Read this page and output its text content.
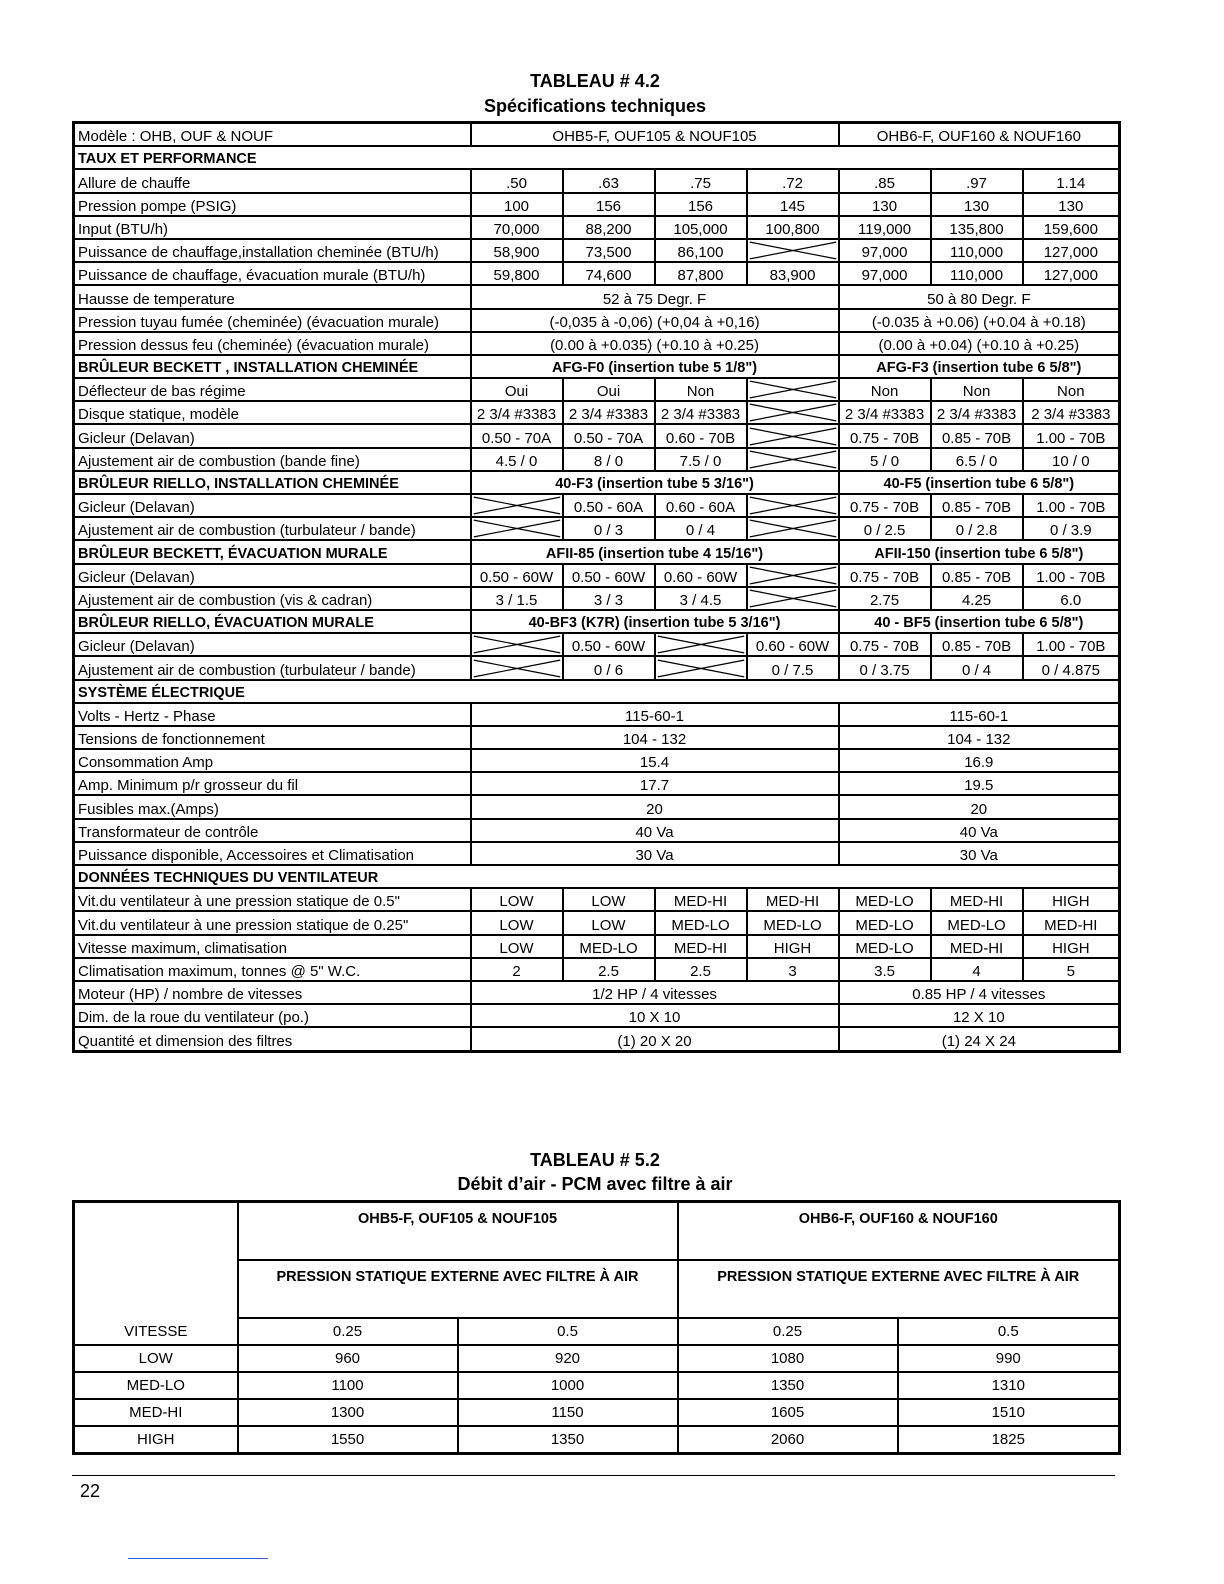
TABLEAU # 4.2
Spécifications techniques
Modèle : OHB, OUF & NOUF	OHB5-F, OUF105 & NOUF105				OHB6-F, OUF160 & NOUF160		
TAUX ET PERFORMANCE							
Allure de chauffe	.50	.63	.75	.72	.85	.97	1.14
Pression pompe (PSIG)	100	156	156	145	130	130	130
Input (BTU/h)	70,000	88,200	105,000	100,800	119,000	135,800	159,600
Puissance de chauffage,installation cheminée (BTU/h)	58,900	73,500	86,100		97,000	110,000	127,000
Puissance de chauffage, évacuation murale (BTU/h)	59,800	74,600	87,800	83,900	97,000	110,000	127,000
Hausse de temperature	52 à 75 Degr. F				50 à 80 Degr. F		
Pression tuyau fumée (cheminée) (évacuation murale)	(-0,035 à -0,06) (+0,04 à +0,16)				(-0.035 à +0.06) (+0.04 à +0.18)		
Pression dessus feu (cheminée) (évacuation murale)	(0.00 à +0.035) (+0.10 à +0.25)				(0.00 à +0.04) (+0.10 à +0.25)		
BRÛLEUR BECKETT , INSTALLATION CHEMINÉE	AFG-F0 (insertion tube 5 1/8")				AFG-F3 (insertion tube 6 5/8")		
Déflecteur de bas régime	Oui	Oui	Non		Non	Non	Non
Disque statique, modèle	2 3/4 #3383	2 3/4 #3383	2 3/4 #3383		2 3/4 #3383	2 3/4 #3383	2 3/4 #3383
Gicleur (Delavan)	0.50 - 70A	0.50 - 70A	0.60 - 70B		0.75 - 70B	0.85 - 70B	1.00 - 70B
Ajustement air de combustion (bande fine)	4.5 / 0	8 / 0	7.5 / 0		5 / 0	6.5 / 0	10 / 0
BRÛLEUR RIELLO, INSTALLATION CHEMINÉE	40-F3 (insertion tube 5 3/16")				40-F5 (insertion tube 6 5/8")		
Gicleur (Delavan)		0.50 - 60A	0.60 - 60A		0.75 - 70B	0.85 - 70B	1.00 - 70B
Ajustement air de combustion (turbulateur / bande)		0 / 3	0 / 4		0 / 2.5	0 / 2.8	0 / 3.9
BRÛLEUR BECKETT, ÉVACUATION MURALE	AFII-85 (insertion tube 4 15/16")				AFII-150 (insertion tube 6 5/8")		
Gicleur (Delavan)	0.50 - 60W	0.50 - 60W	0.60 - 60W		0.75 - 70B	0.85 - 70B	1.00 - 70B
Ajustement air de combustion (vis & cadran)	3 / 1.5	3 / 3	3 / 4.5		2.75	4.25	6.0
BRÛLEUR RIELLO, ÉVACUATION MURALE	40-BF3 (K7R) (insertion tube 5 3/16")				40 - BF5 (insertion tube 6 5/8")		
Gicleur (Delavan)		0.50 - 60W		0.60 - 60W	0.75 - 70B	0.85 - 70B	1.00 - 70B
Ajustement air de combustion (turbulateur / bande)		0 / 6		0 / 7.5	0 / 3.75	0 / 4	0 / 4.875
SYSTÈME ÉLECTRIQUE							
Volts - Hertz - Phase	115-60-1				115-60-1		
Tensions de fonctionnement	104 - 132				104 - 132		
Consommation Amp	15.4				16.9		
Amp. Minimum p/r grosseur du fil	17.7				19.5		
Fusibles max.(Amps)	20				20		
Transformateur de contrôle	40 Va				40 Va		
Puissance disponible, Accessoires et Climatisation	30 Va				30 Va		
DONNÉES TECHNIQUES DU VENTILATEUR							
Vit.du ventilateur à une pression statique de 0.5"	LOW	LOW	MED-HI	MED-HI	MED-LO	MED-HI	HIGH
Vit.du ventilateur à une pression statique de 0.25"	LOW	LOW	MED-LO	MED-LO	MED-LO	MED-LO	MED-HI
Vitesse maximum, climatisation	LOW	MED-LO	MED-HI	HIGH	MED-LO	MED-HI	HIGH
Climatisation maximum, tonnes @ 5" W.C.	2	2.5	2.5	3	3.5	4	5
Moteur (HP) / nombre de vitesses	1/2 HP / 4 vitesses				0.85 HP / 4 vitesses		
Dim. de la roue du ventilateur (po.)	10 X 10				12 X 10		
Quantité et dimension des filtres	(1) 20 X 20				(1) 24 X 24		
TABLEAU # 5.2
Débit d’air - PCM avec filtre à air
	OHB5-F, OUF105 & NOUF105		OHB6-F, OUF160 & NOUF160	
	PRESSION STATIQUE EXTERNE AVEC FILTRE À AIR		PRESSION STATIQUE EXTERNE AVEC FILTRE À AIR	
VITESSE	0.25	0.5	0.25	0.5
LOW	960	920	1080	990
MED-LO	1100	1000	1350	1310
MED-HI	1300	1150	1605	1510
HIGH	1550	1350	2060	1825
22
